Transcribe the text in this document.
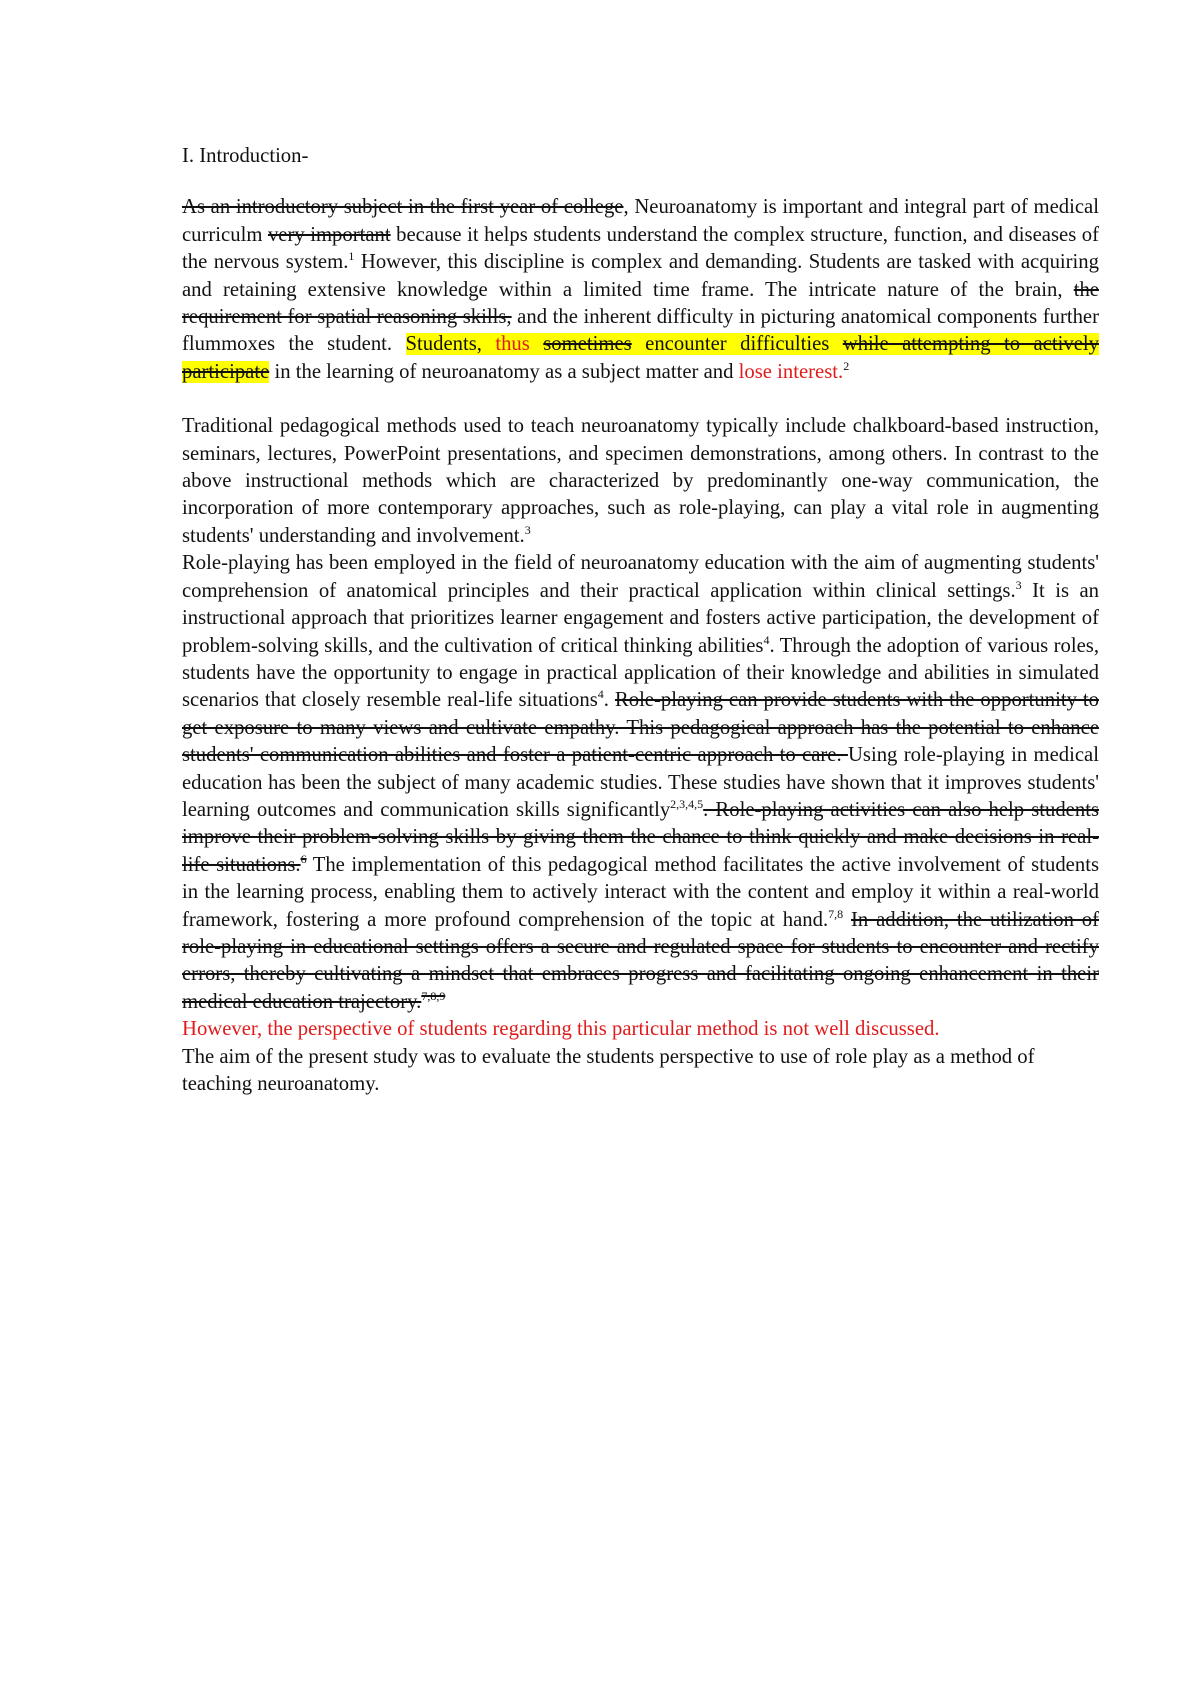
I. Introduction-

As an introductory subject in the first year of college, Neuroanatomy is important and integral part of medical curriculm very important because it helps students understand the complex structure, function, and diseases of the nervous system.$^1$ However, this discipline is complex and demanding. Students are tasked with acquiring and retaining extensive knowledge within a limited time frame. The intricate nature of the brain, the requirement for spatial reasoning skills, and the inherent difficulty in picturing anatomical components further flummoxes the student. Students, thus sometimes encounter difficulties while attempting to actively participate in the learning of neuroanatomy as a subject matter and lose interest.$^2$

Traditional pedagogical methods used to teach neuroanatomy typically include chalkboard-based instruction, seminars, lectures, PowerPoint presentations, and specimen demonstrations, among others. In contrast to the above instructional methods which are characterized by predominantly one-way communication, the incorporation of more contemporary approaches, such as role-playing, can play a vital role in augmenting students' understanding and involvement.$^3$

Role-playing has been employed in the field of neuroanatomy education with the aim of augmenting students' comprehension of anatomical principles and their practical application within clinical settings.$^3$ It is an instructional approach that prioritizes learner engagement and fosters active participation, the development of problem-solving skills, and the cultivation of critical thinking abilities$^4$. Through the adoption of various roles, students have the opportunity to engage in practical application of their knowledge and abilities in simulated scenarios that closely resemble real-life situations$^4$. Role-playing can provide students with the opportunity to get exposure to many views and cultivate empathy. This pedagogical approach has the potential to enhance students' communication abilities and foster a patient-centric approach to care. Using role-playing in medical education has been the subject of many academic studies. These studies have shown that it improves students' learning outcomes and communication skills significantly$^{2,3,4,5}$. Role-playing activities can also help students improve their problem-solving skills by giving them the chance to think quickly and make decisions in real-life situations.$^6$ The implementation of this pedagogical method facilitates the active involvement of students in the learning process, enabling them to actively interact with the content and employ it within a real-world framework, fostering a more profound comprehension of the topic at hand.$^{7,8}$ In addition, the utilization of role-playing in educational settings offers a secure and regulated space for students to encounter and rectify errors, thereby cultivating a mindset that embraces progress and facilitating ongoing enhancement in their medical education trajectory.$^{7,8,9}$

However, the perspective of students regarding this particular method is not well discussed.
The aim of the present study was to evaluate the students perspective to use of role play as a method of teaching neuroanatomy.
